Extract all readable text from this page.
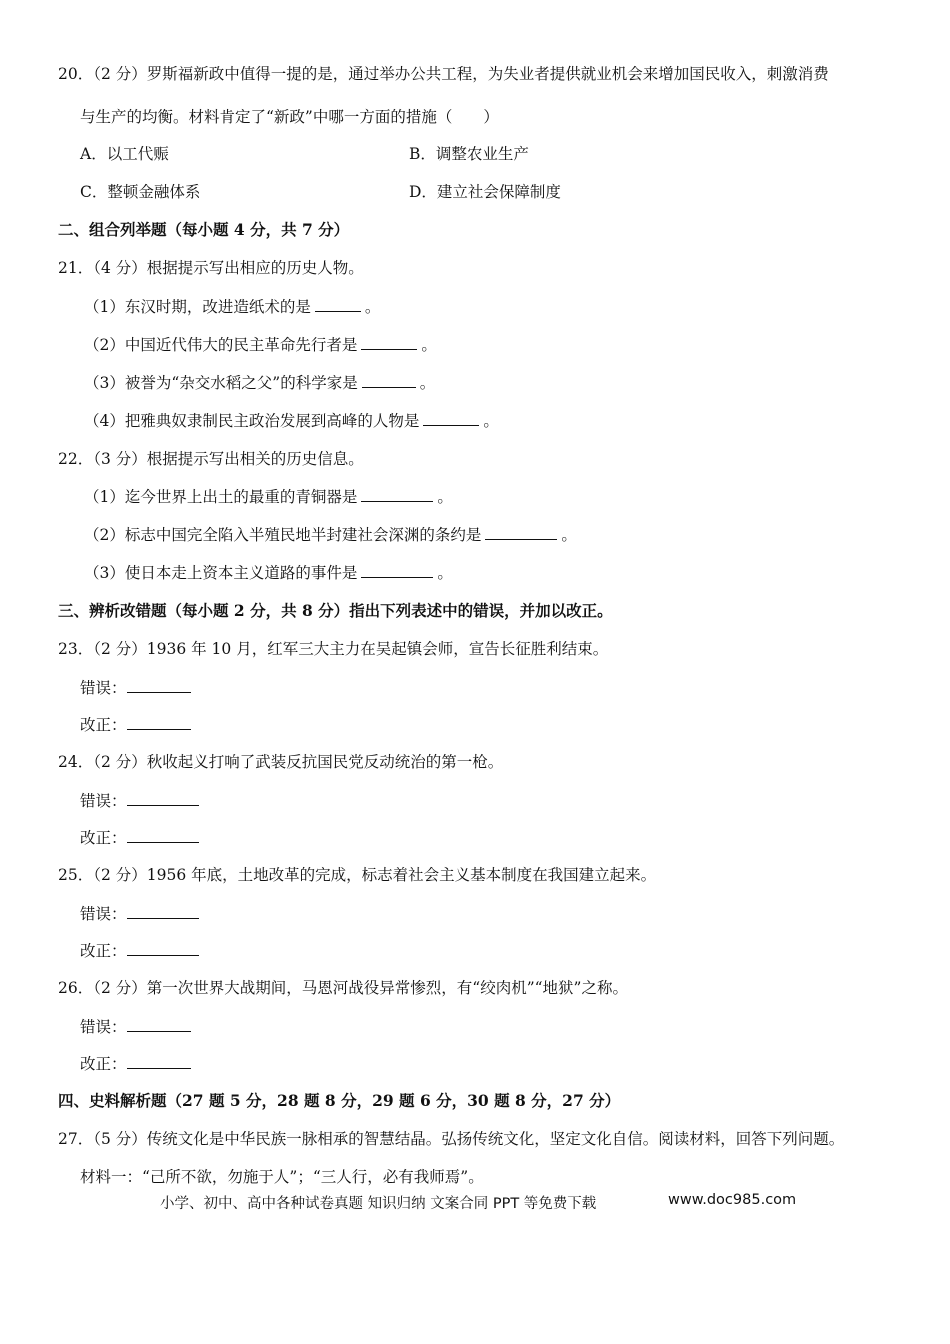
20．（2 分）罗斯福新政中值得一提的是，通过举办公共工程，为失业者提供就业机会来增加国民收入，刺激消费
与生产的均衡。材料肯定了“新政”中哪一方面的措施（　　）
A．以工代赈	B．调整农业生产
C．整顿金融体系	D．建立社会保障制度
二、组合列举题（每小题 4 分，共 7 分）
21．（4 分）根据提示写出相应的历史人物。
（1）东汉时期，改进造纸术的是	。
（2）中国近代伟大的民主革命先行者是	。
（3）被誉为“杂交水稻之父”的科学家是	。
（4）把雅典奴隶制民主政治发展到高峰的人物是	。
22．（3 分）根据提示写出相关的历史信息。
（1）迄今世界上出土的最重的青铜器是	。
（2）标志中国完全陷入半殖民地半封建社会深渊的条约是	。
（3）使日本走上资本主义道路的事件是	。
三、辨析改错题（每小题 2 分，共 8 分）指出下列表述中的错误，并加以改正。
23．（2 分）1936 年 10 月，红军三大主力在吴起镇会师，宣告长征胜利结束。
错误：
改正：
24．（2 分）秋收起义打响了武装反抗国民党反动统治的第一枪。
错误：
改正：
25．（2 分）1956 年底，土地改革的完成，标志着社会主义基本制度在我国建立起来。
错误：
改正：
26．（2 分）第一次世界大战期间，马恩河战役异常惨烈，有“绞肉机”“地狱”之称。
错误：
改正：
四、史料解析题（27 题 5 分，28 题 8 分，29 题 6 分，30 题 8 分，27 分）
27．（5 分）传统文化是中华民族一脉相承的智慧结晶。弘扬传统文化，坚定文化自信。阅读材料，回答下列问题。
材料一：“己所不欲，勿施于人”；“三人行，必有我师焉”。
小学、初中、高中各种试卷真题 知识归纳 文案合同 PPT 等免费下载	www.doc985.com
